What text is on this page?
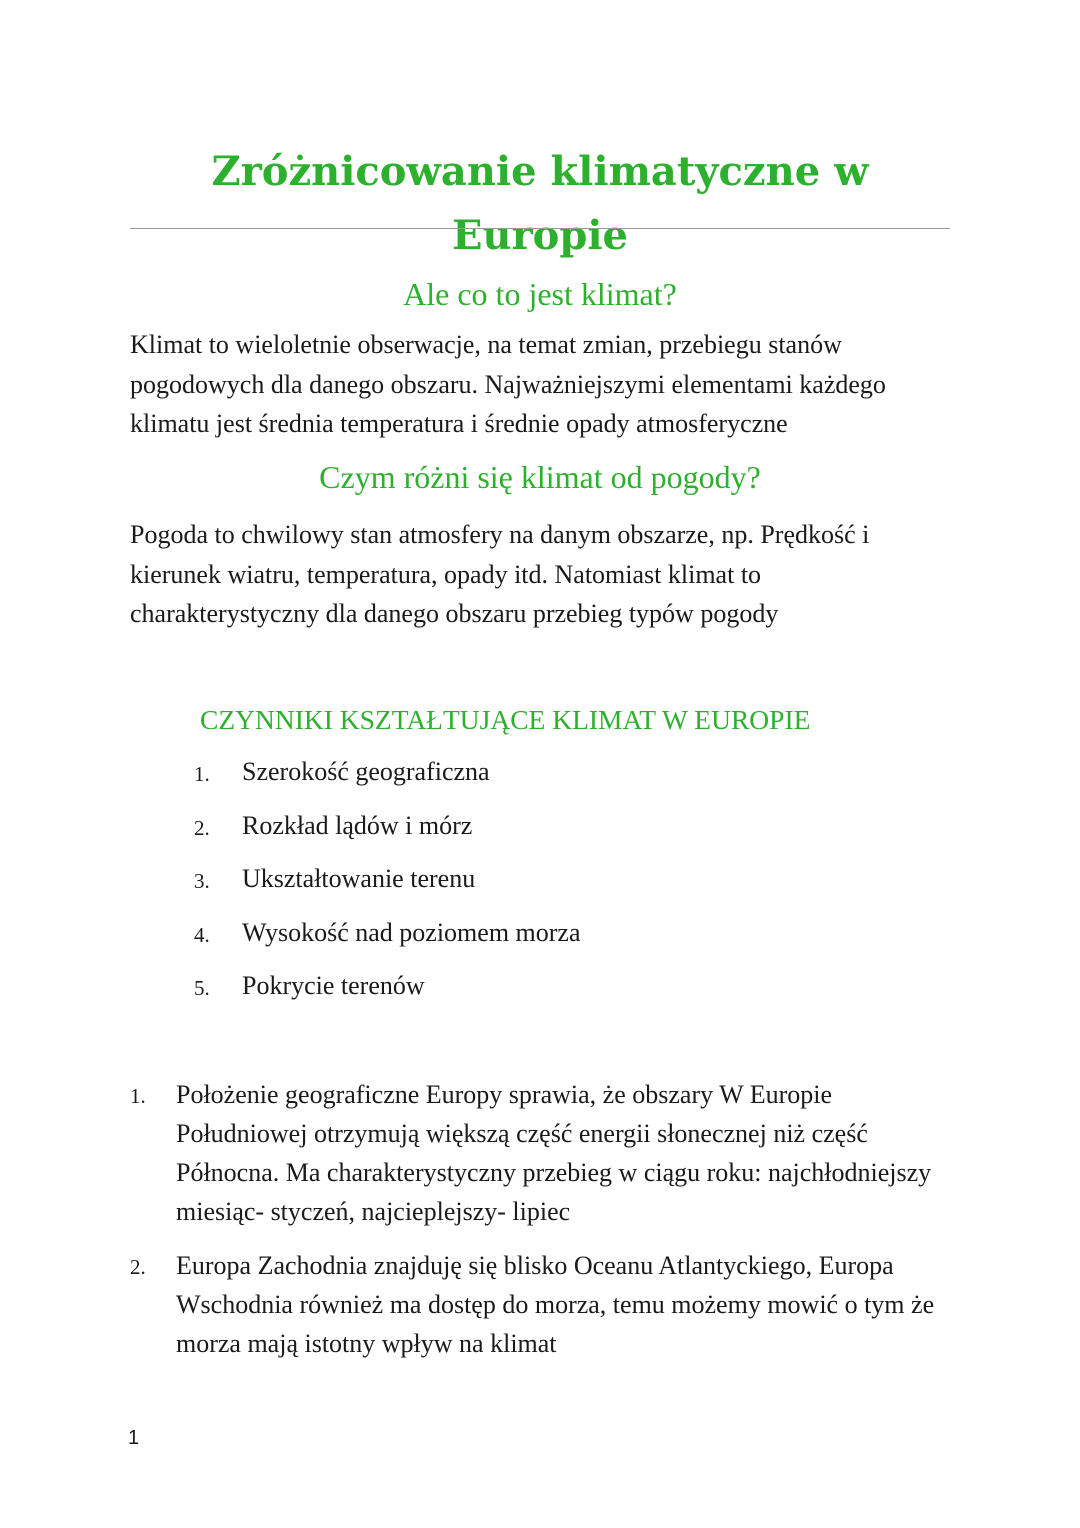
Zróżnicowanie klimatyczne w Europie
Ale co to jest klimat?

Klimat to wieloletnie obserwacje, na temat zmian, przebiegu stanów pogodowych dla danego obszaru. Najważniejszymi elementami każdego klimatu jest średnia temperatura i średnie opady atmosferyczne

Czym różni się klimat od pogody?

Pogoda to chwilowy stan atmosfery na danym obszarze, np. Prędkość i kierunek wiatru, temperatura, opady itd. Natomiast klimat to charakterystyczny dla danego obszaru przebieg typów pogody

CZYNNIKI KSZTAŁTUJĄCE KLIMAT W EUROPIE
1. Szerokość geograficzna
2. Rozkład lądów i mórz
3. Ukształtowanie terenu
4. Wysokość nad poziomem morza
5. Pokrycie terenów
1. Położenie geograficzne Europy sprawia, że obszary W Europie Południowej otrzymują większą część energii słonecznej niż część Północna. Ma charakterystyczny przebieg w ciągu roku: najchłodniejszy miesiąc- styczeń, najcieplejszy- lipiec
2. Europa Zachodnia znajduję się blisko Oceanu Atlantyckiego, Europa Wschodnia również ma dostęp do morza, temu możemy mowić o tym że morza mają istotny wpływ na klimat
1
